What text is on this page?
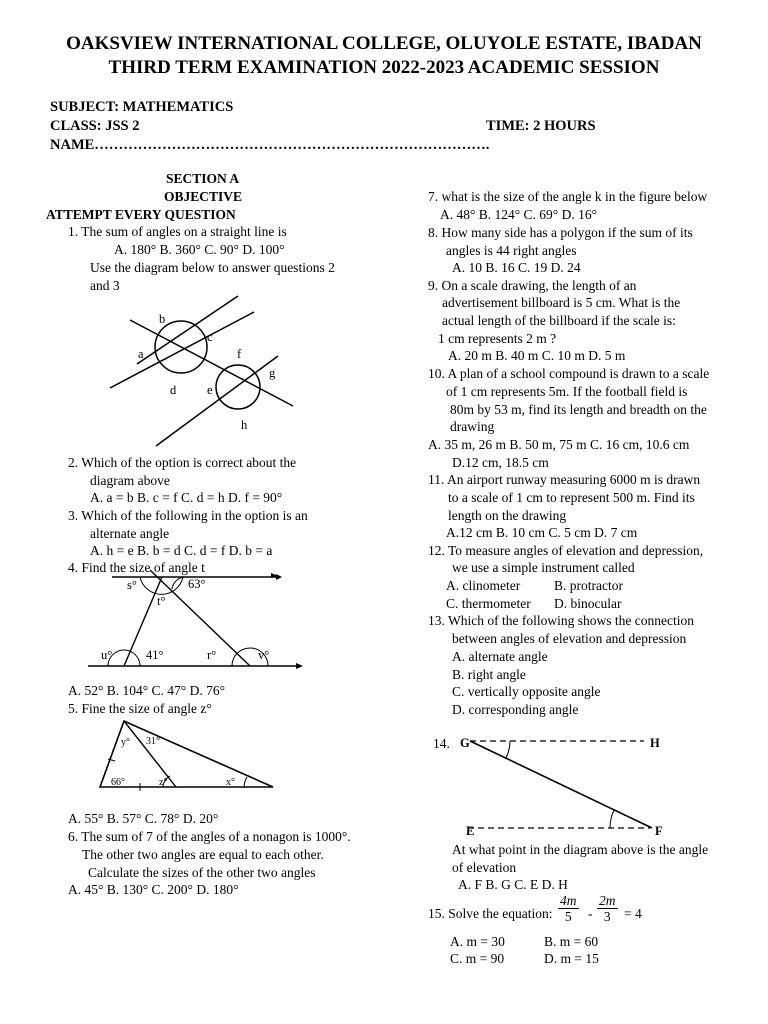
OAKSVIEW INTERNATIONAL COLLEGE, OLUYOLE ESTATE, IBADAN
THIRD TERM EXAMINATION 2022-2023 ACADEMIC SESSION
SUBJECT: MATHEMATICS
CLASS: JSS 2	TIME: 2 HOURS
NAME……………………………………………………………………….
SECTION A
OBJECTIVE
ATTEMPT EVERY QUESTION
1. The sum of angles on a straight line is
A. 180° B. 360° C. 90° D. 100°
Use the diagram below to answer questions 2
and 3
b
c
a	f
g
d e
h
2. Which of the option is correct about the
diagram above
A. a = b B. c = f C. d = h D. f = 90°
3. Which of the following in the option is an
alternate angle
A. h = e B. b = d C. d = f D. b = a
4. Find the size of angle t
s°	63°
t°
u°	41°	r°	v°
A. 52° B. 104° C. 47° D. 76°
5. Fine the size of angle z°
y° 31°
66°	z°	x°
A. 55° B. 57° C. 78° D. 20°
6. The sum of 7 of the angles of a nonagon is 1000°.
The other two angles are equal to each other.
Calculate the sizes of the other two angles
A. 45° B. 130° C. 200° D. 180°
7. what is the size of the angle k in the figure below
A. 48° B. 124° C. 69° D. 16°
8. How many side has a polygon if the sum of its
angles is 44 right angles
A. 10 B. 16 C. 19 D. 24
9. On a scale drawing, the length of an
advertisement billboard is 5 cm. What is the
actual length of the billboard if the scale is:
1 cm represents 2 m ?
A. 20 m B. 40 m C. 10 m D. 5 m
10. A plan of a school compound is drawn to a scale
of 1 cm represents 5m. If the football field is
80m by 53 m, find its length and breadth on the
drawing
A. 35 m, 26 m B. 50 m, 75 m C. 16 cm, 10.6 cm
D.12 cm, 18.5 cm
11. An airport runway measuring 6000 m is drawn
to a scale of 1 cm to represent 500 m. Find its
length on the drawing
A.12 cm B. 10 cm C. 5 cm D. 7 cm
12. To measure angles of elevation and depression,
we use a simple instrument called
A. clinometer	B. protractor
C. thermometer D. binocular
13. Which of the following shows the connection
between angles of elevation and depression
A. alternate angle
B. right angle
C. vertically opposite angle
D. corresponding angle
14. G	H
E	F
At what point in the diagram above is the angle
of elevation
A. F B. G C. E D. H
15. Solve the equation: $\frac{4m}{5} - \frac{2m}{3} = 4$
A. m = 30	B. m = 60
C. m = 90	D. m = 15
